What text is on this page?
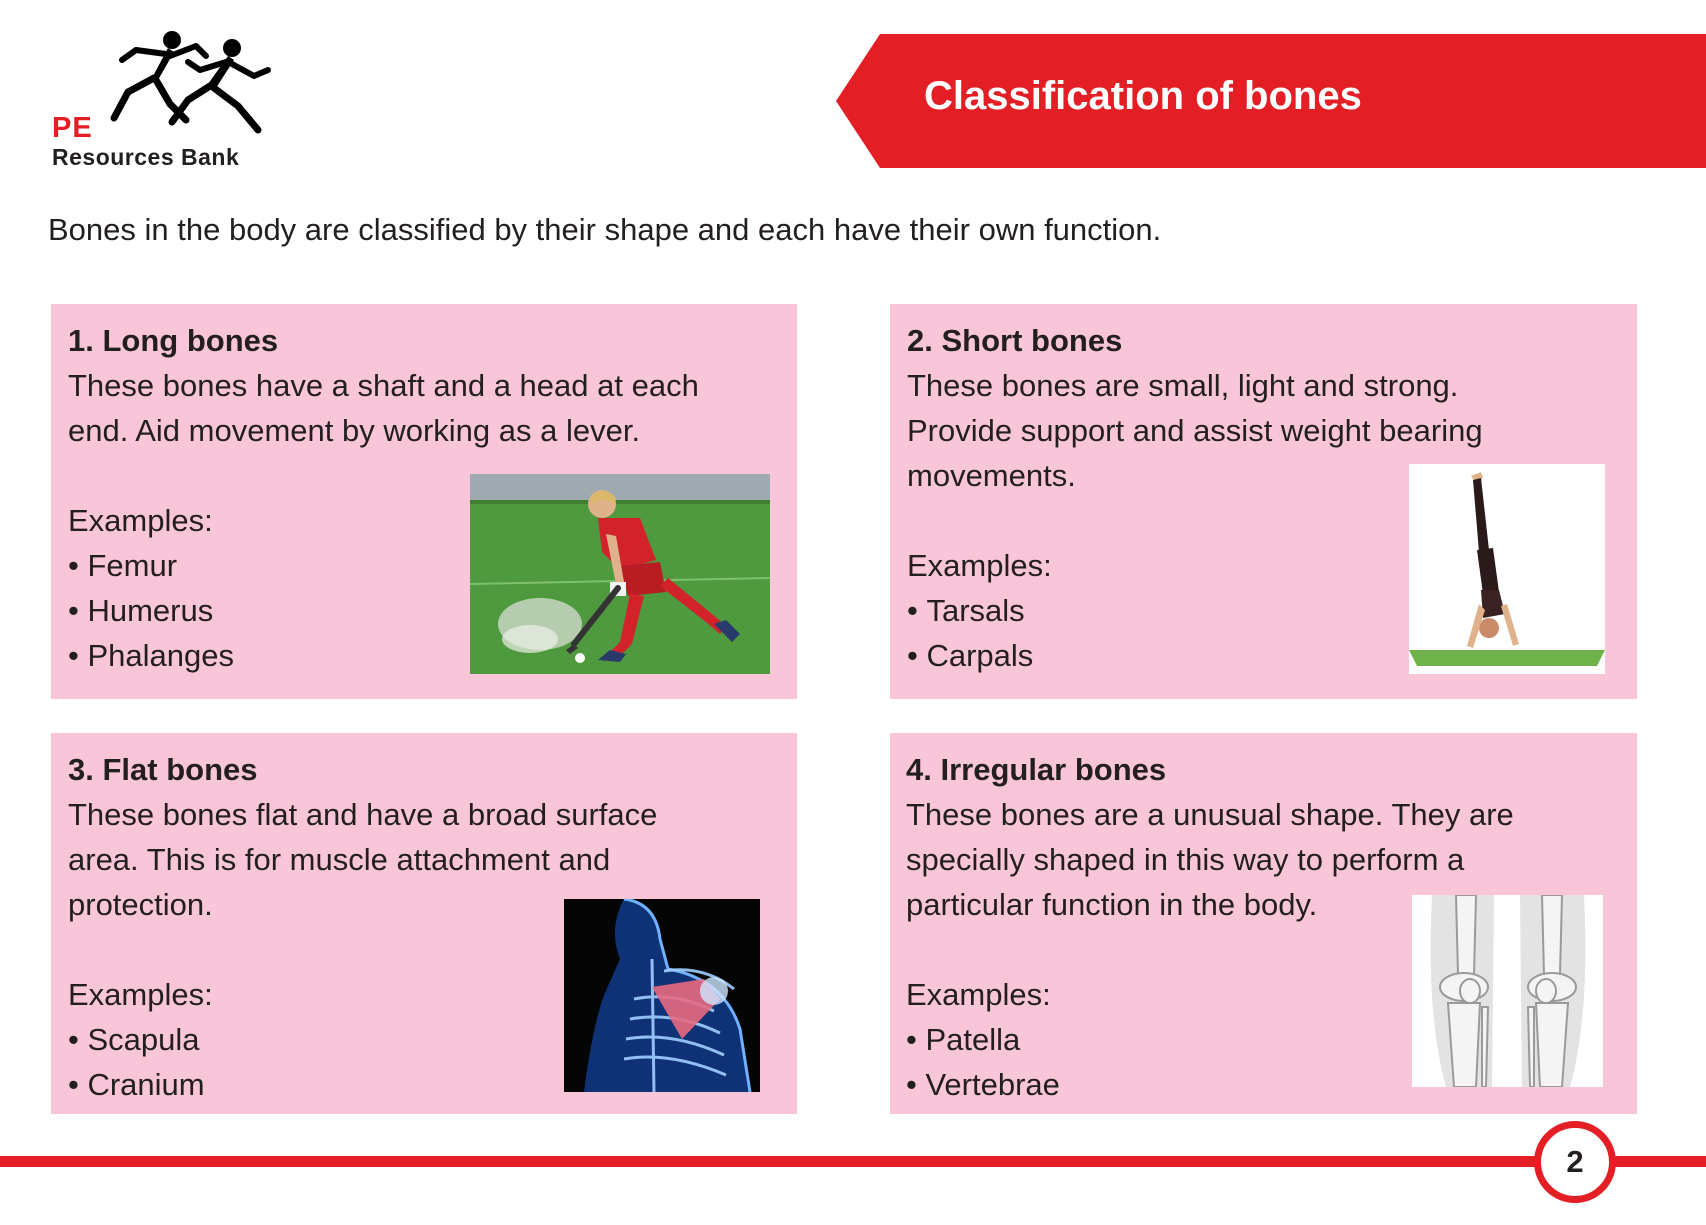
PE
Resources Bank
Classification of bones
Bones in the body are classified by their shape and each have their own function.
1. Long bones
These bones have a shaft and a head at each
end. Aid movement by working as a lever.
Examples:
• Femur
• Humerus
• Phalanges
2. Short bones
These bones are small, light and strong.
Provide support and assist weight bearing
movements.
Examples:
• Tarsals
• Carpals
3. Flat bones
These bones flat and have a broad surface
area. This is for muscle attachment and
protection.
Examples:
• Scapula
• Cranium
4. Irregular bones
These bones are a unusual shape. They are
specially shaped in this way to perform a
particular function in the body.
Examples:
• Patella
• Vertebrae
2
